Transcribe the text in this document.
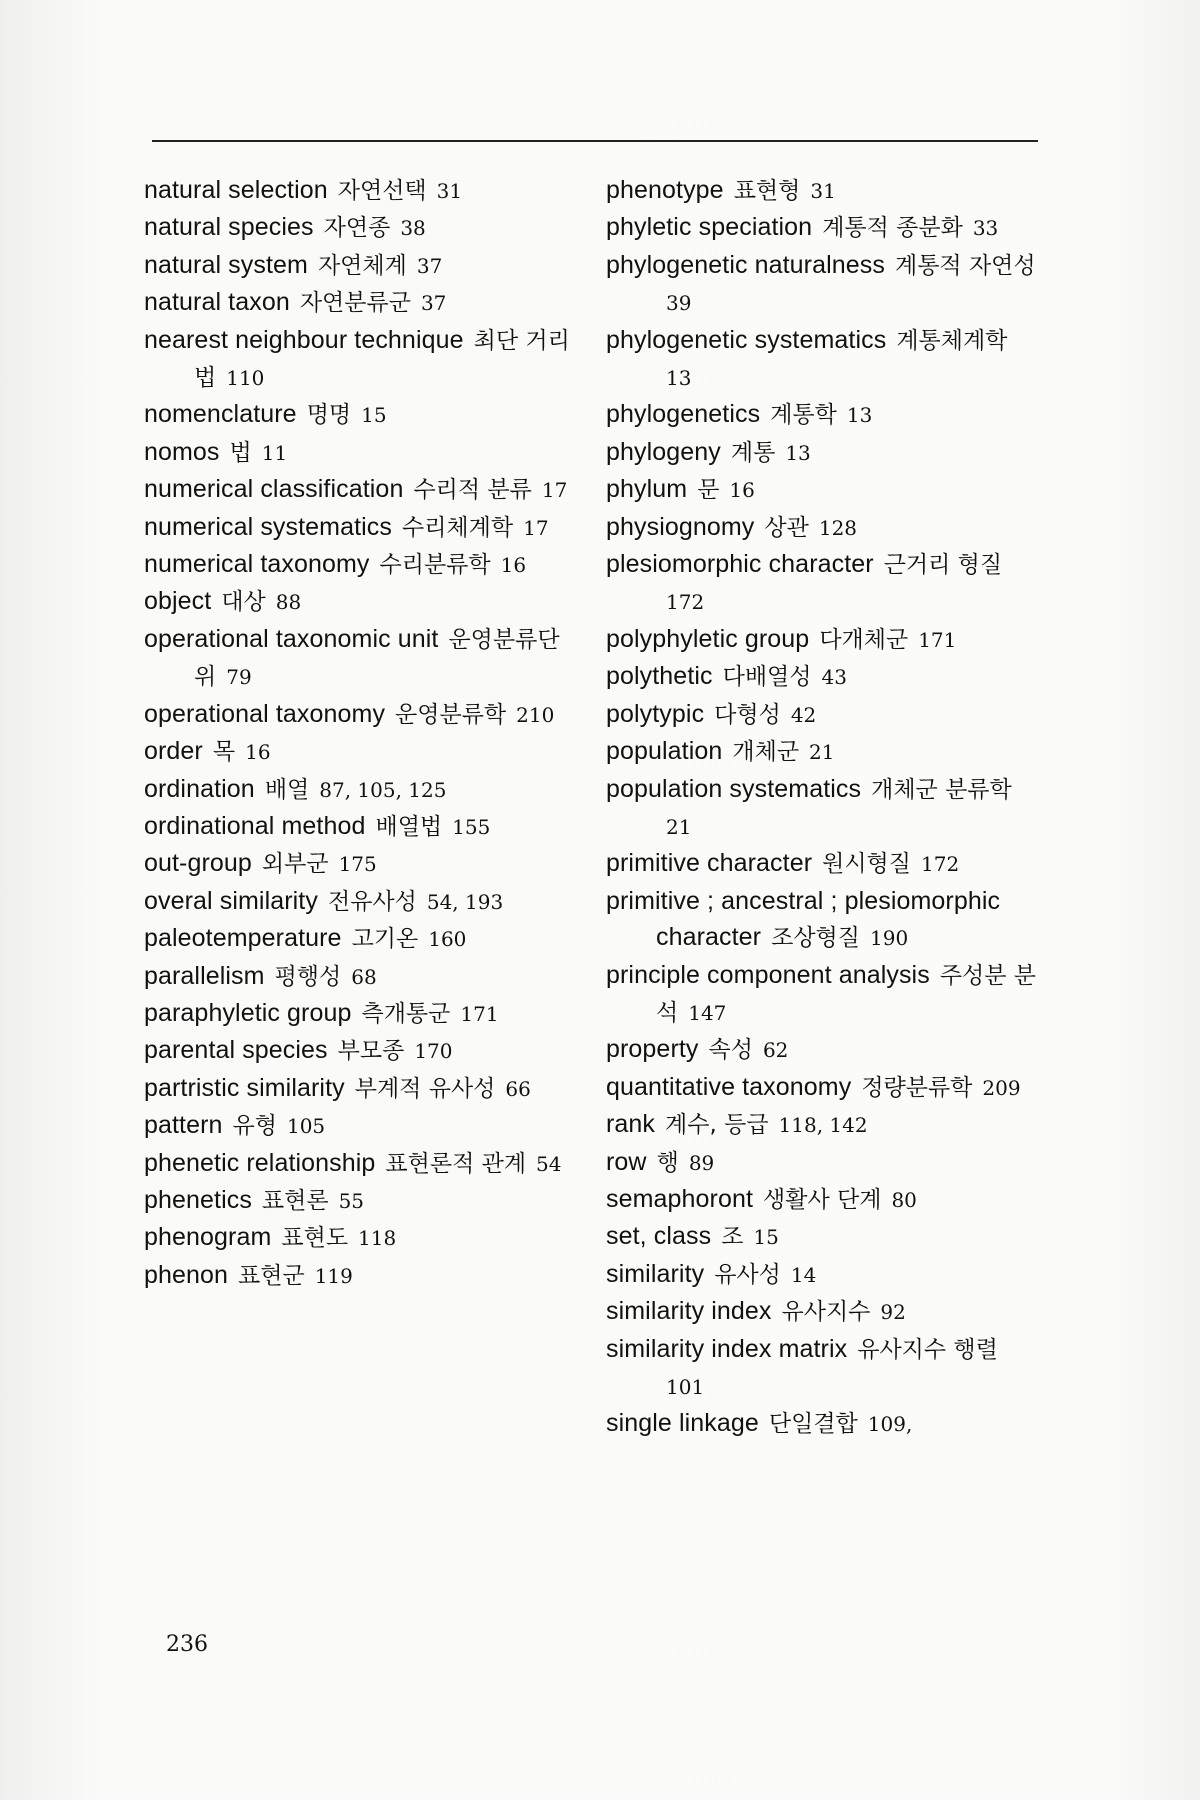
natural selection 자연선택 31
natural species 자연종 38
natural system 자연체계 37
natural taxon 자연분류군 37
nearest neighbour technique 최단 거리법 110
nomenclature 명명 15
nomos 법 11
numerical classification 수리적 분류 17
numerical systematics 수리체계학 17
numerical taxonomy 수리분류학 16
object 대상 88
operational taxonomic unit 운영분류단위 79
operational taxonomy 운영분류학 210
order 목 16
ordination 배열 87, 105, 125
ordinational method 배열법 155
out-group 외부군 175
overal similarity 전유사성 54, 193
paleotemperature 고기온 160
parallelism 평행성 68
paraphyletic group 측개통군 171
parental species 부모종 170
partristic similarity 부계적 유사성 66
pattern 유형 105
phenetic relationship 표현론적 관계 54
phenetics 표현론 55
phenogram 표현도 118
phenon 표현군 119
phenotype 표현형 31
phyletic speciation 계통적 종분화 33
phylogenetic naturalness 계통적 자연성39
phylogenetic systematics 계통체계학13
phylogenetics 계통학 13
phylogeny 계통 13
phylum 문 16
physiognomy 상관 128
plesiomorphic character 근거리 형질172
polyphyletic group 다개체군 171
polythetic 다배열성 43
polytypic 다형성 42
population 개체군 21
population systematics 개체군 분류학21
primitive character 원시형질 172
primitive ; ancestral ; plesiomorphic character 조상형질 190
principle component analysis 주성분 분석 147
property 속성 62
quantitative taxonomy 정량분류학 209
rank 계수, 등급 118, 142
row 행 89
semaphoront 생활사 단계 80
set, class 조 15
similarity 유사성 14
similarity index 유사지수 92
similarity index matrix 유사지수 행렬101
single linkage 단일결합 109,
236
